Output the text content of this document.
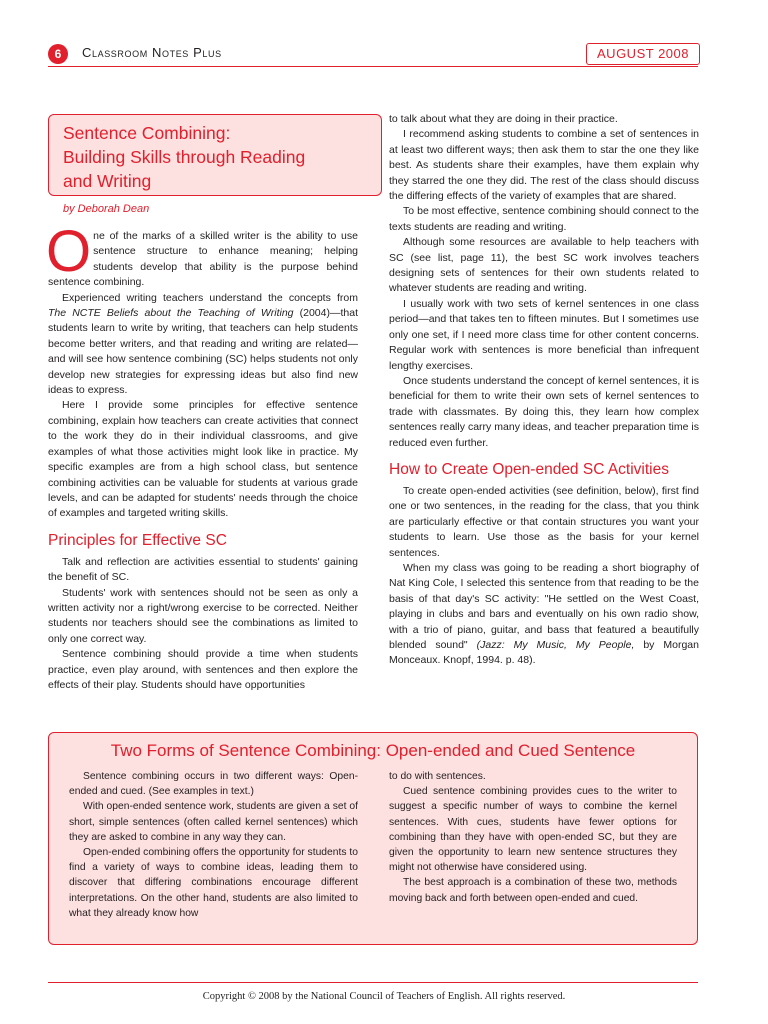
6	Classroom Notes Plus	AUGUST 2008
Sentence Combining:
Building Skills through Reading
and Writing
by Deborah Dean

One of the marks of a skilled writer is the ability to use sentence structure to enhance meaning; helping students develop that ability is the purpose behind sentence combining.

Experienced writing teachers understand the concepts from The NCTE Beliefs about the Teaching of Writing (2004)—that students learn to write by writing, that teachers can help students become better writers, and that reading and writing are related—and will see how sentence combining (SC) helps students not only develop new strategies for expressing ideas but also find new ideas to express.

Here I provide some principles for effective sentence combining, explain how teachers can create activities that connect to the work they do in their individual classrooms, and give examples of what those activities might look like in practice. My specific examples are from a high school class, but sentence combining activities can be valuable for students at various grade levels, and can be adapted for students' needs through the choice of examples and targeted writing skills.

Principles for Effective SC

Talk and reflection are activities essential to students' gaining the benefit of SC.

Students' work with sentences should not be seen as only a written activity nor a right/wrong exercise to be corrected. Neither students nor teachers should see the combinations as limited to only one correct way.

Sentence combining should provide a time when students practice, even play around, with sentences and then explore the effects of their play. Students should have opportunities

to talk about what they are doing in their practice.

I recommend asking students to combine a set of sentences in at least two different ways; then ask them to star the one they like best. As students share their examples, have them explain why they starred the one they did. The rest of the class should discuss the differing effects of the variety of examples that are shared.

To be most effective, sentence combining should connect to the texts students are reading and writing.

Although some resources are available to help teachers with SC (see list, page 11), the best SC work involves teachers designing sets of sentences for their own students related to whatever students are reading and writing.

I usually work with two sets of kernel sentences in one class period—and that takes ten to fifteen minutes. But I sometimes use only one set, if I need more class time for other content concerns. Regular work with sentences is more beneficial than infrequent lengthy exercises.

Once students understand the concept of kernel sentences, it is beneficial for them to write their own sets of kernel sentences to trade with classmates. By doing this, they learn how complex sentences really carry many ideas, and teacher preparation time is reduced even further.

How to Create Open-ended SC Activities

To create open-ended activities (see definition, below), first find one or two sentences, in the reading for the class, that you think are particularly effective or that contain structures you want your students to learn. Use those as the basis for your kernel sentences.

When my class was going to be reading a short biography of Nat King Cole, I selected this sentence from that reading to be the basis of that day's SC activity: "He settled on the West Coast, playing in clubs and bars and eventually on his own radio show, with a trio of piano, guitar, and bass that featured a beautifully blended sound" (Jazz: My Music, My People, by Morgan Monceaux. Knopf, 1994. p. 48).

Two Forms of Sentence Combining: Open-ended and Cued Sentence

Sentence combining occurs in two different ways: Open-ended and cued. (See examples in text.)

With open-ended sentence work, students are given a set of short, simple sentences (often called kernel sentences) which they are asked to combine in any way they can.

Open-ended combining offers the opportunity for students to find a variety of ways to combine ideas, leading them to discover that differing combinations encourage different interpretations. On the other hand, students are also limited to what they already know how

to do with sentences.

Cued sentence combining provides cues to the writer to suggest a specific number of ways to combine the kernel sentences. With cues, students have fewer options for combining than they have with open-ended SC, but they are given the opportunity to learn new sentence structures they might not otherwise have considered using.

The best approach is a combination of these two, methods moving back and forth between open-ended and cued.

Copyright © 2008 by the National Council of Teachers of English. All rights reserved.
